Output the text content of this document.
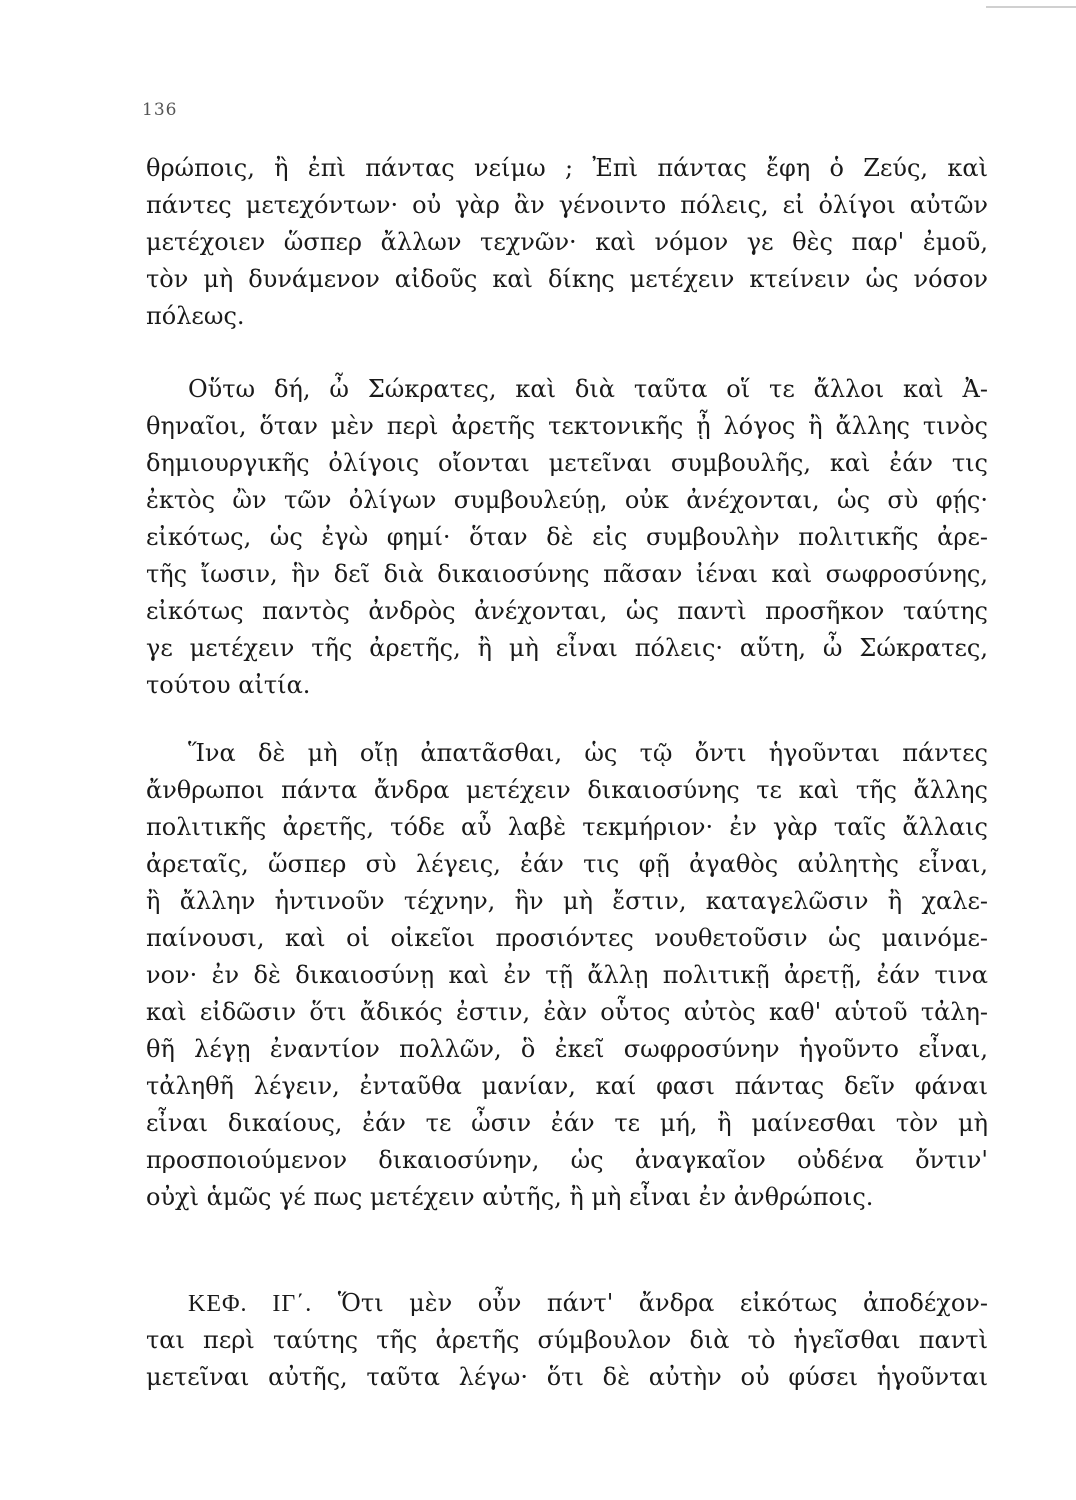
136
θρώποις, ἢ ἐπὶ πάντας νείμω ; Ἐπὶ πάντας ἔφη ὁ Ζεύς, καὶ
πάντες μετεχόντων· οὐ γὰρ ἂν γένοιντο πόλεις, εἰ ὀλίγοι αὐτῶν
μετέχοιεν ὥσπερ ἄλλων τεχνῶν· καὶ νόμον γε θὲς παρ' ἐμοῦ,
τὸν μὴ δυνάμενον αἰδοῦς καὶ δίκης μετέχειν κτείνειν ὡς νόσον
πόλεως.
Οὕτω δή, ὦ Σώκρατες, καὶ διὰ ταῦτα οἵ τε ἄλλοι καὶ Ἀ-
θηναῖοι, ὅταν μὲν περὶ ἀρετῆς τεκτονικῆς ᾖ λόγος ἢ ἄλλης τινὸς
δημιουργικῆς ὀλίγοις οἴονται μετεῖναι συμβουλῆς, καὶ ἐάν τις
ἐκτὸς ὢν τῶν ὀλίγων συμβουλεύῃ, οὐκ ἀνέχονται, ὡς σὺ φῄς·
εἰκότως, ὡς ἐγὼ φημί· ὅταν δὲ εἰς συμβουλὴν πολιτικῆς ἀρε-
τῆς ἴωσιν, ἣν δεῖ διὰ δικαιοσύνης πᾶσαν ἰέναι καὶ σωφροσύνης,
εἰκότως παντὸς ἀνδρὸς ἀνέχονται, ὡς παντὶ προσῆκον ταύτης
γε μετέχειν τῆς ἀρετῆς, ἢ μὴ εἶναι πόλεις· αὕτη, ὦ Σώκρατες,
τούτου αἰτία.
Ἵνα δὲ μὴ οἴῃ ἀπατᾶσθαι, ὡς τῷ ὄντι ἡγοῦνται πάντες
ἄνθρωποι πάντα ἄνδρα μετέχειν δικαιοσύνης τε καὶ τῆς ἄλλης
πολιτικῆς ἀρετῆς, τόδε αὖ λαβὲ τεκμήριον· ἐν γὰρ ταῖς ἄλλαις
ἀρεταῖς, ὥσπερ σὺ λέγεις, ἐάν τις φῇ ἀγαθὸς αὐλητὴς εἶναι,
ἢ ἄλλην ἡντινοῦν τέχνην, ἣν μὴ ἔστιν, καταγελῶσιν ἢ χαλε-
παίνουσι, καὶ οἱ οἰκεῖοι προσιόντες νουθετοῦσιν ὡς μαινόμε-
νον· ἐν δὲ δικαιοσύνῃ καὶ ἐν τῇ ἄλλῃ πολιτικῇ ἀρετῇ, ἐάν τινα
καὶ εἰδῶσιν ὅτι ἄδικός ἐστιν, ἐὰν οὗτος αὐτὸς καθ' αὑτοῦ τἀλη-
θῆ λέγῃ ἐναντίον πολλῶν, ὃ ἐκεῖ σωφροσύνην ἡγοῦντο εἶναι,
τἀληθῆ λέγειν, ἐνταῦθα μανίαν, καί φασι πάντας δεῖν φάναι
εἶναι δικαίους, ἐάν τε ὦσιν ἐάν τε μή, ἢ μαίνεσθαι τὸν μὴ
προσποιούμενον δικαιοσύνην, ὡς ἀναγκαῖον οὐδένα ὄντιν'
οὐχὶ ἁμῶς γέ πως μετέχειν αὐτῆς, ἢ μὴ εἶναι ἐν ἀνθρώποις.
ΚΕΦ. ΙΓ΄. Ὅτι μὲν οὖν πάντ' ἄνδρα εἰκότως ἀποδέχον-
ται περὶ ταύτης τῆς ἀρετῆς σύμβουλον διὰ τὸ ἡγεῖσθαι παντὶ
μετεῖναι αὐτῆς, ταῦτα λέγω· ὅτι δὲ αὐτὴν οὐ φύσει ἡγοῦνται
